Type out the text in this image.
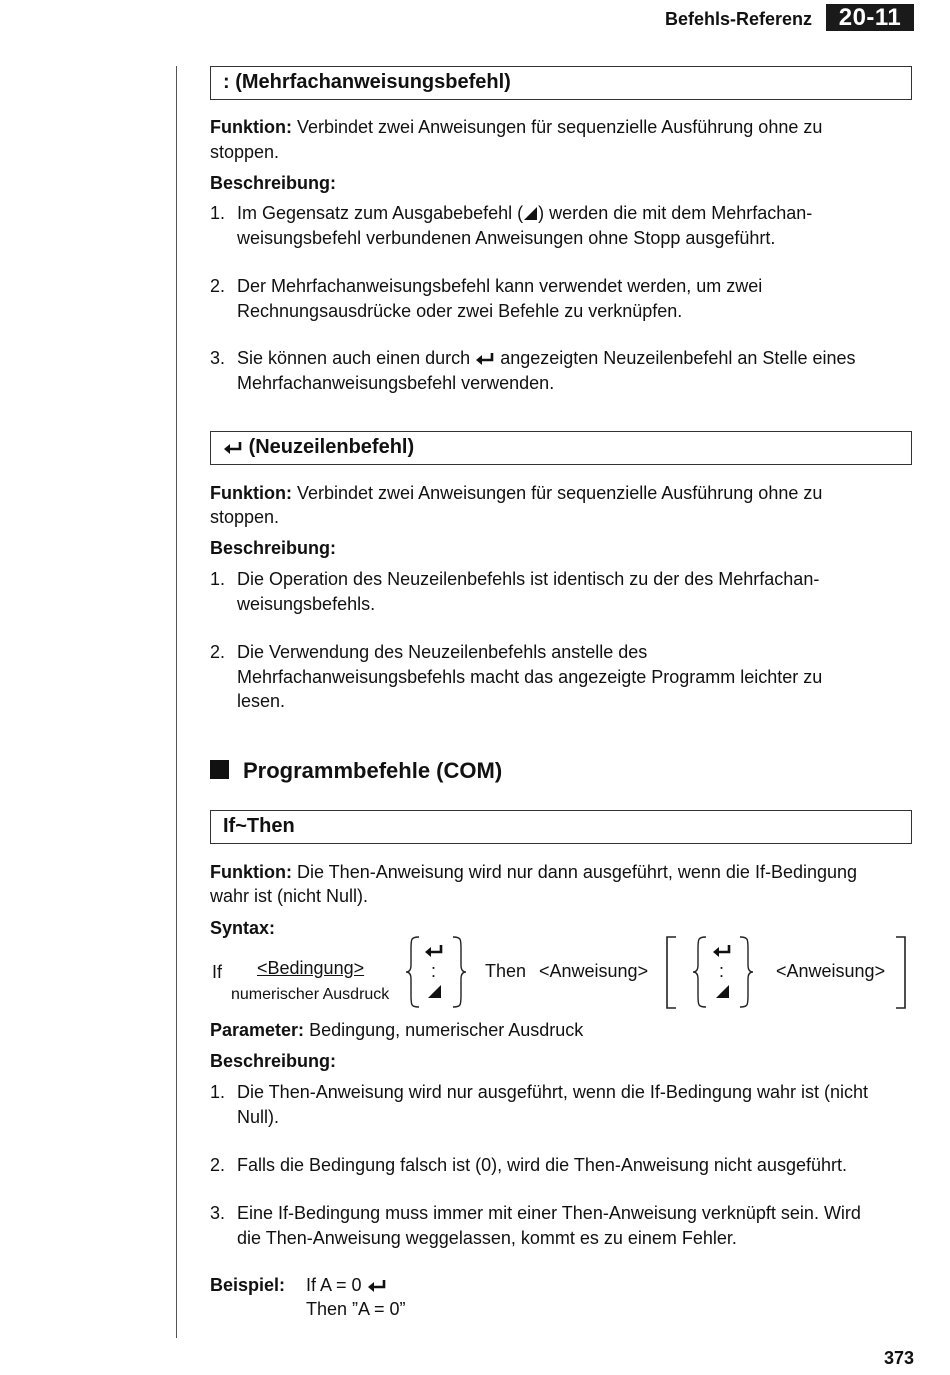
Befehls-Referenz	20-11
: (Mehrfachanweisungsbefehl)
Funktion: Verbindet zwei Anweisungen für sequenzielle Ausführung ohne zu
stoppen.
Beschreibung:
1. Im Gegensatz zum Ausgabebefehl ( ) werden die mit dem Mehrfachan-
weisungsbefehl verbundenen Anweisungen ohne Stopp ausgeführt.
2. Der Mehrfachanweisungsbefehl kann verwendet werden, um zwei
Rechnungsausdrücke oder zwei Befehle zu verknüpfen.
3. Sie können auch einen durch angezeigten Neuzeilenbefehl an Stelle eines
Mehrfachanweisungsbefehl verwenden.
(Neuzeilenbefehl)
Funktion: Verbindet zwei Anweisungen für sequenzielle Ausführung ohne zu
stoppen.
Beschreibung:
1. Die Operation des Neuzeilenbefehls ist identisch zu der des Mehrfachan-
weisungsbefehls.
2. Die Verwendung des Neuzeilenbefehls anstelle des
Mehrfachanweisungsbefehls macht das angezeigte Programm leichter zu
lesen.
Programmbefehle (COM)
If~Then
Funktion: Die Then-Anweisung wird nur dann ausgeführt, wenn die If-Bedingung
wahr ist (nicht Null).
Syntax:
If <Bedingung>
numerischer Ausdruck
:	Then <Anweisung>	:	<Anweisung>
Parameter: Bedingung, numerischer Ausdruck
Beschreibung:
1. Die Then-Anweisung wird nur ausgeführt, wenn die If-Bedingung wahr ist (nicht
Null).
2. Falls die Bedingung falsch ist (0), wird die Then-Anweisung nicht ausgeführt.
3. Eine If-Bedingung muss immer mit einer Then-Anweisung verknüpft sein. Wird
die Then-Anweisung weggelassen, kommt es zu einem Fehler.
Beispiel: If A = 0
Then ”A = 0”
373
